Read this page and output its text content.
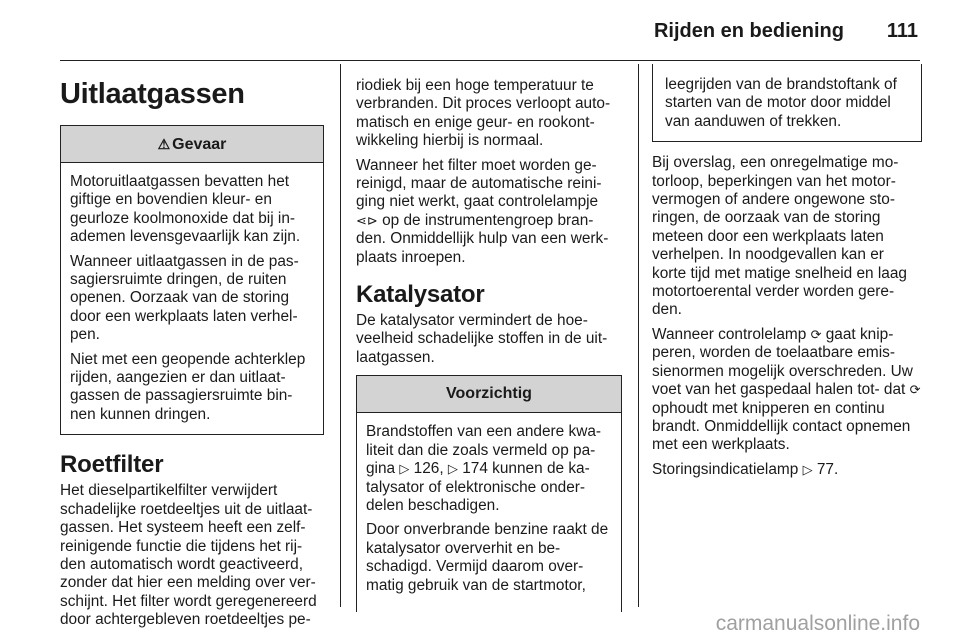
Rijden en bediening 111
Uitlaatgassen
⚠ Gevaar

Motoruitlaatgassen bevatten het giftige en bovendien kleur- en geurloze koolmonoxide dat bij in- ademen levensgevaarlijk kan zijn.

Wanneer uitlaatgassen in de pas- sagiersruimte dringen, de ruiten openen. Oorzaak van de storing door een werkplaats laten verhel- pen.

Niet met een geopende achterklep rijden, aangezien er dan uitlaat- gassen de passagiersruimte bin- nen kunnen dringen.

Roetfilter

Het dieselpartikelfilter verwijdert schadelijke roetdeeltjes uit de uitlaat- gassen. Het systeem heeft een zelf- reinigende functie die tijdens het rij- den automatisch wordt geactiveerd, zonder dat hier een melding over ver- schijnt. Het filter wordt geregenereerd door achtergebleven roetdeeltjes pe-

riodiek bij een hoge temperatuur te verbranden. Dit proces verloopt auto- matisch en enige geur- en rookont- wikkeling hierbij is normaal.

Wanneer het filter moet worden ge- reinigd, maar de automatische reini- ging niet werkt, gaat controlelampje ⋖⊳ op de instrumentengroep bran- den. Onmiddellijk hulp van een werk- plaats inroepen.

Katalysator

De katalysator vermindert de hoe- veelheid schadelijke stoffen in de uit- laatgassen.

Voorzichtig

Brandstoffen van een andere kwa- liteit dan die zoals vermeld op pa- gina ▷ 126, ▷ 174 kunnen de ka- talysator of elektronische onder- delen beschadigen.

Door onverbrande benzine raakt de katalysator oververhit en be- schadigd. Vermijd daarom over- matig gebruik van de startmotor,

leegrijden van de brandstoftank of starten van de motor door middel van aanduwen of trekken.

Bij overslag, een onregelmatige mo- torloop, beperkingen van het motor- vermogen of andere ongewone sto- ringen, de oorzaak van de storing meteen door een werkplaats laten verhelpen. In noodgevallen kan er korte tijd met matige snelheid en laag motortoerental verder worden gere- den.

Wanneer controlelamp ⟳ gaat knip- peren, worden de toelaatbare emis- sienormen mogelijk overschreden. Uw voet van het gaspedaal halen tot- dat ⟳ ophoudt met knipperen en continu brandt. Onmiddellijk contact opnemen met een werkplaats.

Storingsindicatielamp ▷ 77.

carmanualsonline.info
